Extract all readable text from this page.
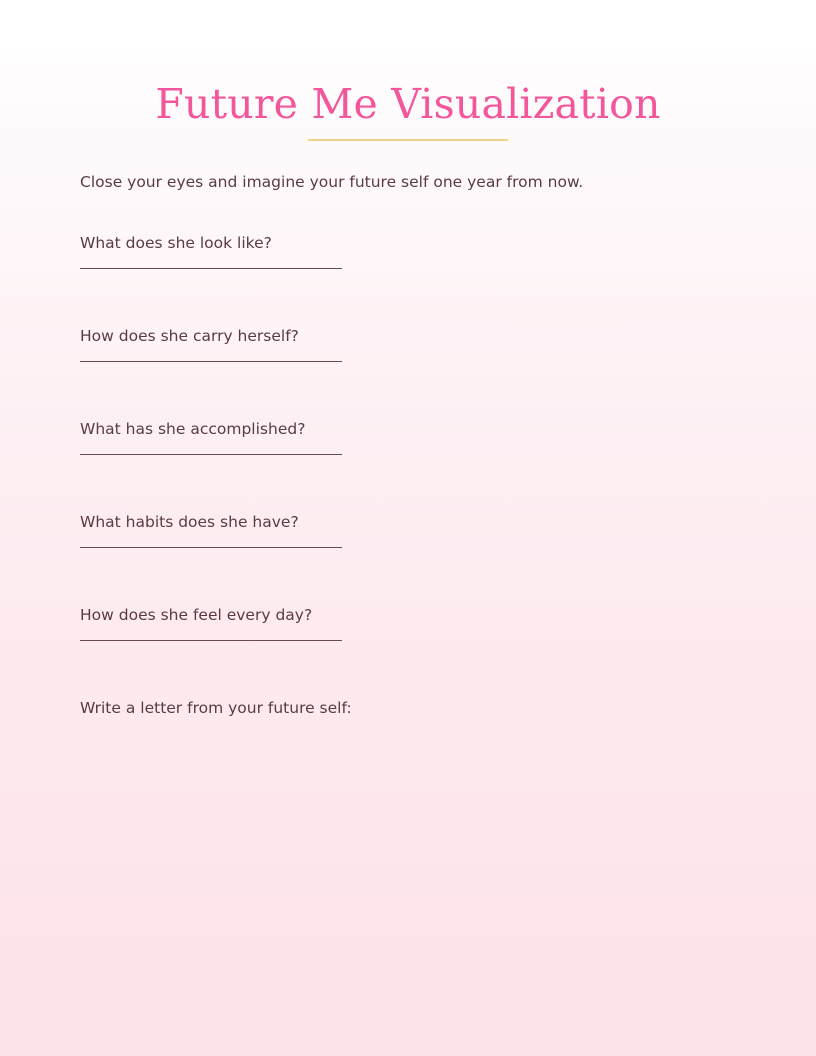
Future Me Visualization

Close your eyes and imagine your future self one year from now.

What does she look like?

How does she carry herself?

What has she accomplished?

What habits does she have?

How does she feel every day?

Write a letter from your future self:
